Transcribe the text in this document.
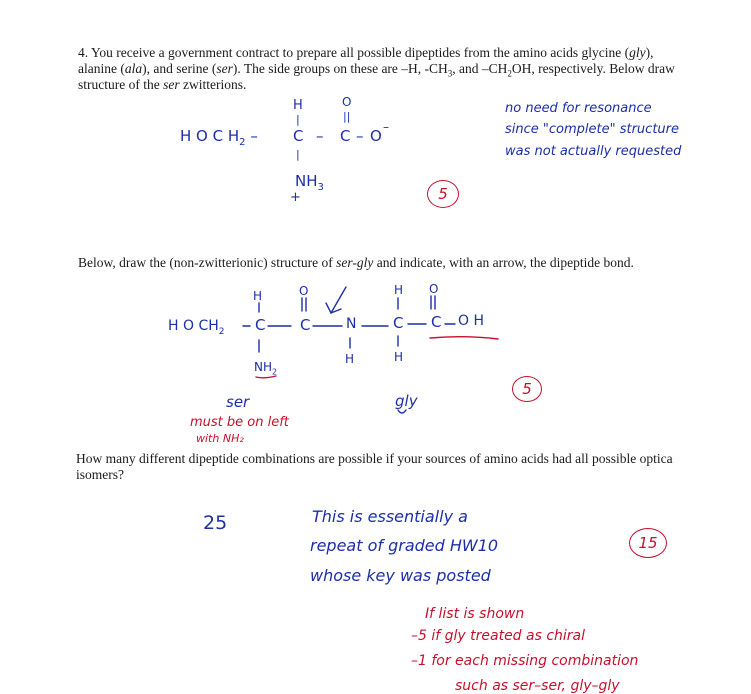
4. You receive a government contract to prepare all possible dipeptides from the amino acids glycine (gly),
alanine (ala), and serine (ser). The side groups on these are –H, $-CH_3$, and $-CH_2OH$, respectively. Below draw
structure of the ser zwitterions.
H	O
||
|
H O C $H_2$ – C – C – O –
|
$NH_3$
+
no need for resonance
since "complete" structure
was not actually requested
5
Below, draw the (non-zwitterionic) structure of ser-gly and indicate, with an arrow, the dipeptide bond.
H	O	H O
H O $CH_2$ C C	N C C O H
H	H
$NH_2$
ser	gly
5
must be on left
with NH₂
How many different dipeptide combinations are possible if your sources of amino acids had all possible optica
isomers?
25	This is essentially a
repeat of graded HW10
whose key was posted
15
If list is shown
–5 if gly treated as chiral
–1 for each missing combination
such as ser–ser, gly–gly
